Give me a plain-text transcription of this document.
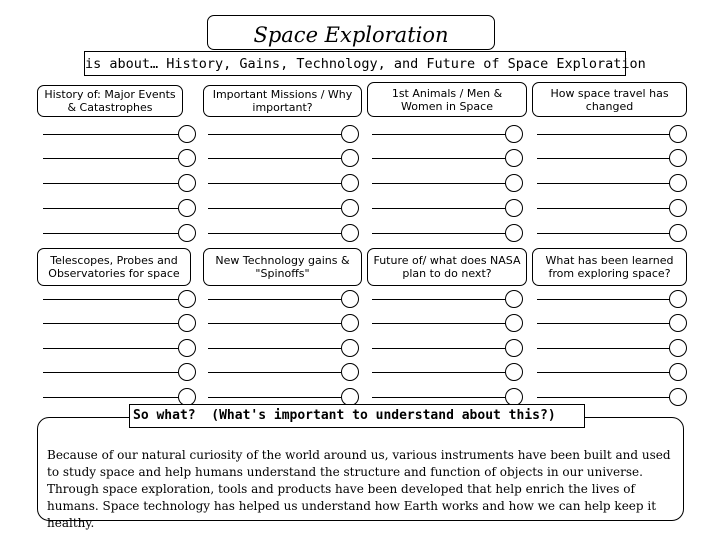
Space Exploration
is about… History, Gains, Technology, and Future of Space Exploration
History of: Major Events & Catastrophes
Important Missions / Why important?
1st Animals / Men & Women in Space
How space travel has changed
Telescopes, Probes and Observatories for space
New Technology gains & "Spinoffs"
Future of/ what does NASA plan to do next?
What has been learned from exploring space?
Because of our natural curiosity of the world around us, various instruments have been built and used to study space and help humans understand the structure and function of objects in our universe. Through space exploration, tools and products have been developed that help enrich the lives of humans. Space technology has helped us understand how Earth works and how we can help keep it healthy.
So what?  (What's important to understand about this?)
